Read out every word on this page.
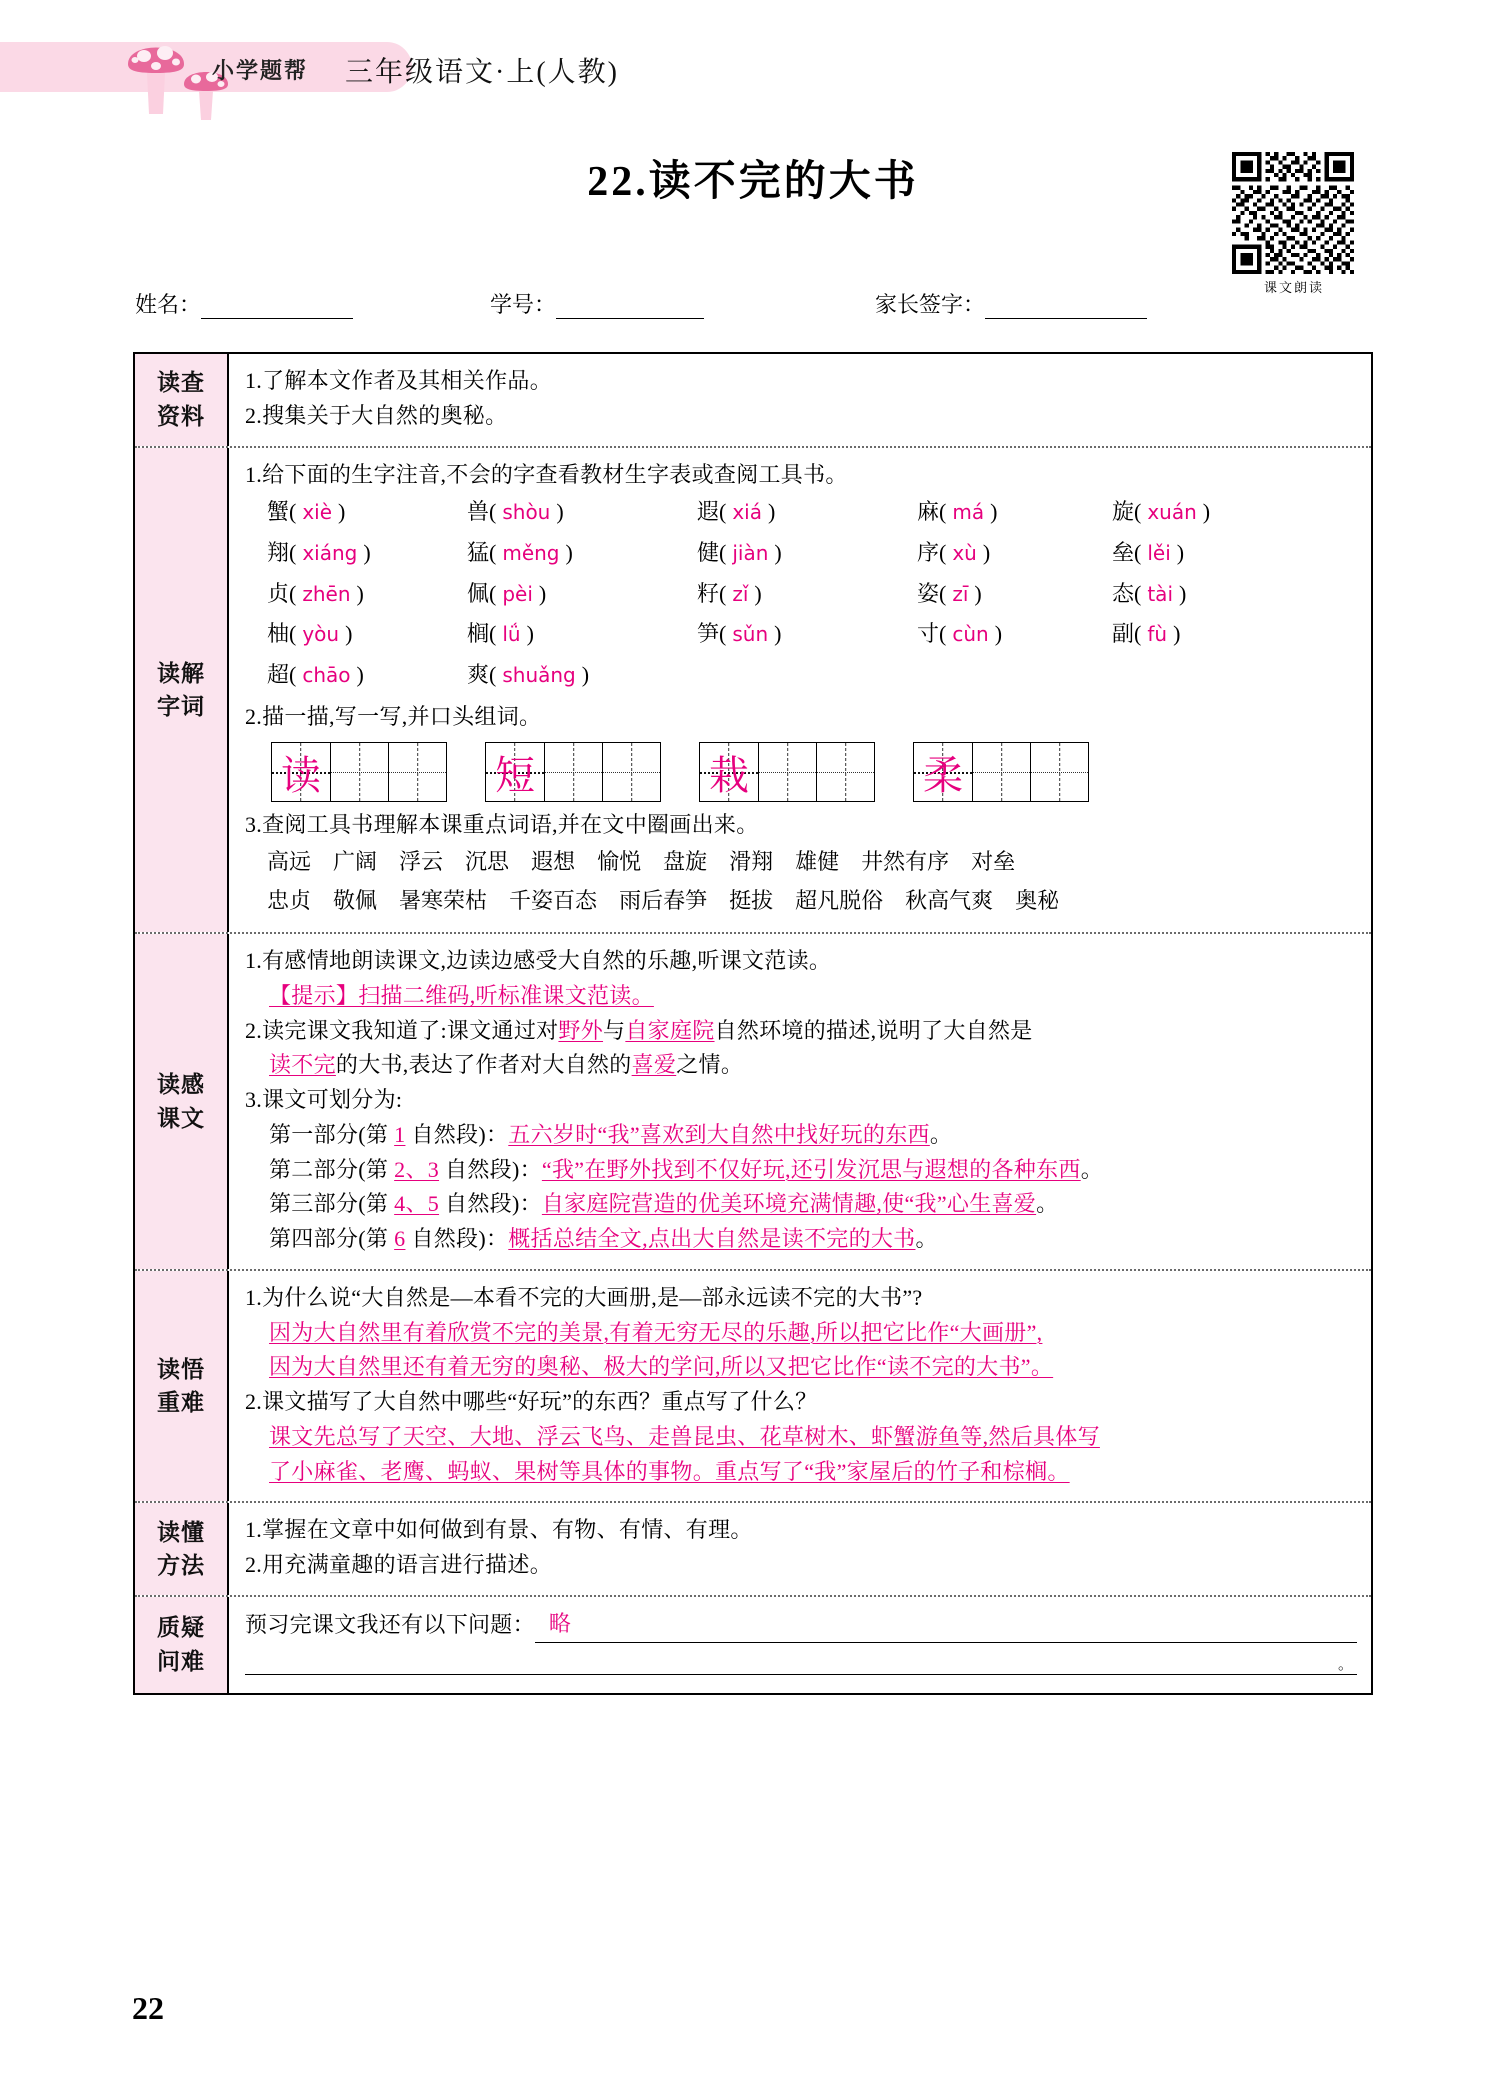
小学题帮 三年级语文·上(人教)
22.读不完的大书
课文朗读
姓名：	学号：	家长签字：
读查
资料
1.了解本文作者及其相关作品。
2.搜集关于大自然的奥秘。
读解
字词
1.给下面的生字注音,不会的字查看教材生字表或查阅工具书。
蟹( xiè )	兽( shòu )	遐( xiá )	麻( má )	旋( xuán )
翔( xiáng )	猛( měng )	健( jiàn )	序( xù )	垒( lěi )
贞( zhēn )	佩( pèi )	籽( zǐ )	姿( zī )	态( tài )
柚( yòu )	榈( lǘ )	笋( sǔn )	寸( cùn )	副( fù )
超( chāo )	爽( shuǎng )
2.描一描,写一写,并口头组词。
读	短	栽	柔
3.查阅工具书理解本课重点词语,并在文中圈画出来。
高远 广阔 浮云 沉思 遐想 愉悦 盘旋 滑翔 雄健 井然有序 对垒
忠贞 敬佩 暑寒荣枯 千姿百态 雨后春笋 挺拔 超凡脱俗 秋高气爽 奥秘
读感
课文
1.有感情地朗读课文,边读边感受大自然的乐趣,听课文范读。
【提示】扫描二维码,听标准课文范读。
2.读完课文我知道了:课文通过对野外与自家庭院自然环境的描述,说明了大自然是
读不完的大书,表达了作者对大自然的喜爱之情。
3.课文可划分为:
第一部分(第 1 自然段)：五六岁时“我”喜欢到大自然中找好玩的东西。
第二部分(第 2、3 自然段)：“我”在野外找到不仅好玩,还引发沉思与遐想的各种东西。
第三部分(第 4、5 自然段)：自家庭院营造的优美环境充满情趣,使“我”心生喜爱。
第四部分(第 6 自然段)：概括总结全文,点出大自然是读不完的大书。
读悟
重难
1.为什么说“大自然是—本看不完的大画册,是—部永远读不完的大书”?
因为大自然里有着欣赏不完的美景,有着无穷无尽的乐趣,所以把它比作“大画册”,
因为大自然里还有着无穷的奥秘、极大的学问,所以又把它比作“读不完的大书”。
2.课文描写了大自然中哪些“好玩”的东西？重点写了什么？
课文先总写了天空、大地、浮云飞鸟、走兽昆虫、花草树木、虾蟹游鱼等,然后具体写
了小麻雀、老鹰、蚂蚁、果树等具体的事物。重点写了“我”家屋后的竹子和棕榈。
读懂
方法
1.掌握在文章中如何做到有景、有物、有情、有理。
2.用充满童趣的语言进行描述。
质疑
问难
预习完课文我还有以下问题： 略
。
22
